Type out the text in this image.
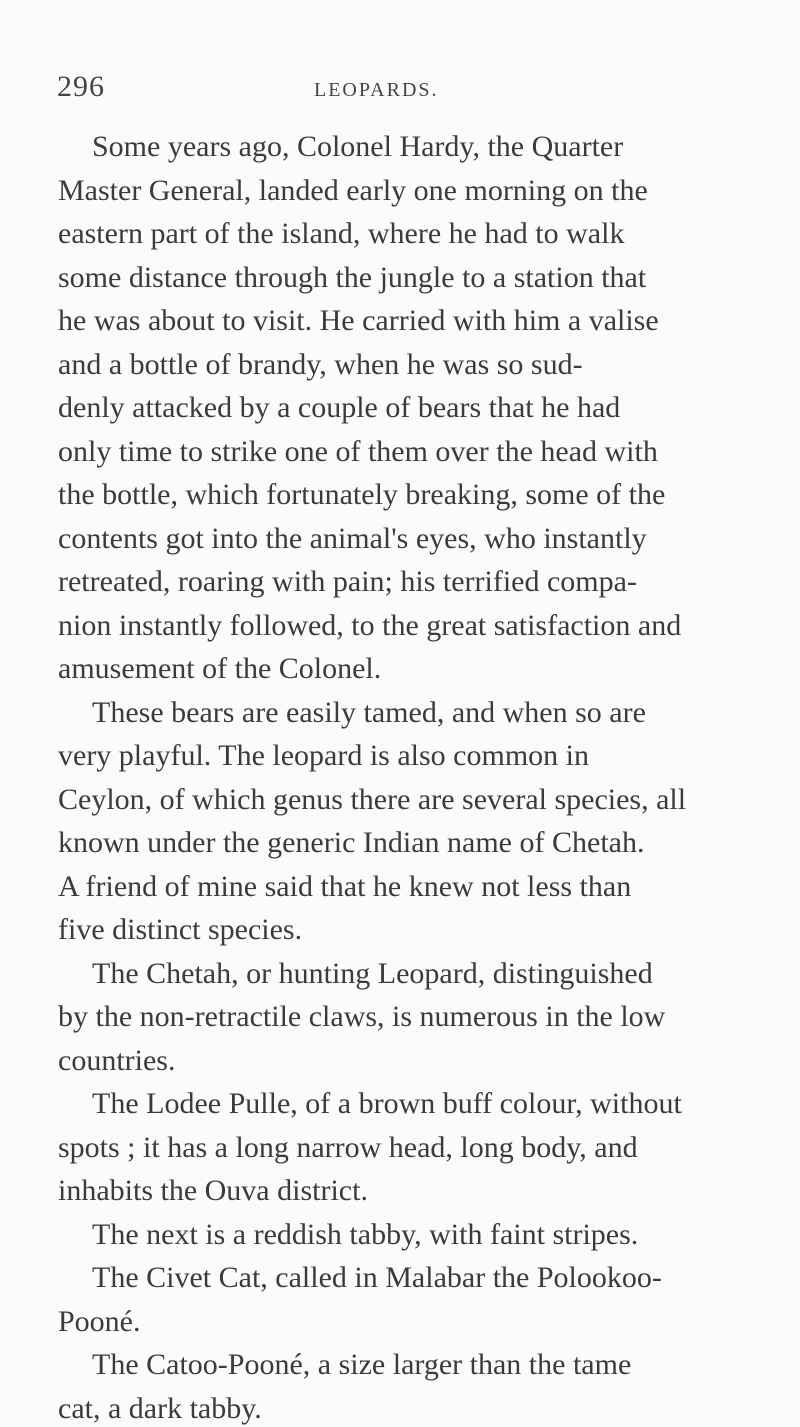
296	LEOPARDS.
Some years ago, Colonel Hardy, the Quarter
Master General, landed early one morning on the
eastern part of the island, where he had to walk
some distance through the jungle to a station that
he was about to visit. He carried with him a valise
and a bottle of brandy, when he was so sud-
denly attacked by a couple of bears that he had
only time to strike one of them over the head with
the bottle, which fortunately breaking, some of the
contents got into the animal's eyes, who instantly
retreated, roaring with pain; his terrified compa-
nion instantly followed, to the great satisfaction and
amusement of the Colonel.
These bears are easily tamed, and when so are
very playful. The leopard is also common in
Ceylon, of which genus there are several species, all
known under the generic Indian name of Chetah.
A friend of mine said that he knew not less than
five distinct species.
The Chetah, or hunting Leopard, distinguished
by the non-retractile claws, is numerous in the low
countries.
The Lodee Pulle, of a brown buff colour, without
spots ; it has a long narrow head, long body, and
inhabits the Ouva district.
The next is a reddish tabby, with faint stripes.
The Civet Cat, called in Malabar the Polookoo-
Pooné.
The Catoo-Pooné, a size larger than the tame
cat, a dark tabby.
